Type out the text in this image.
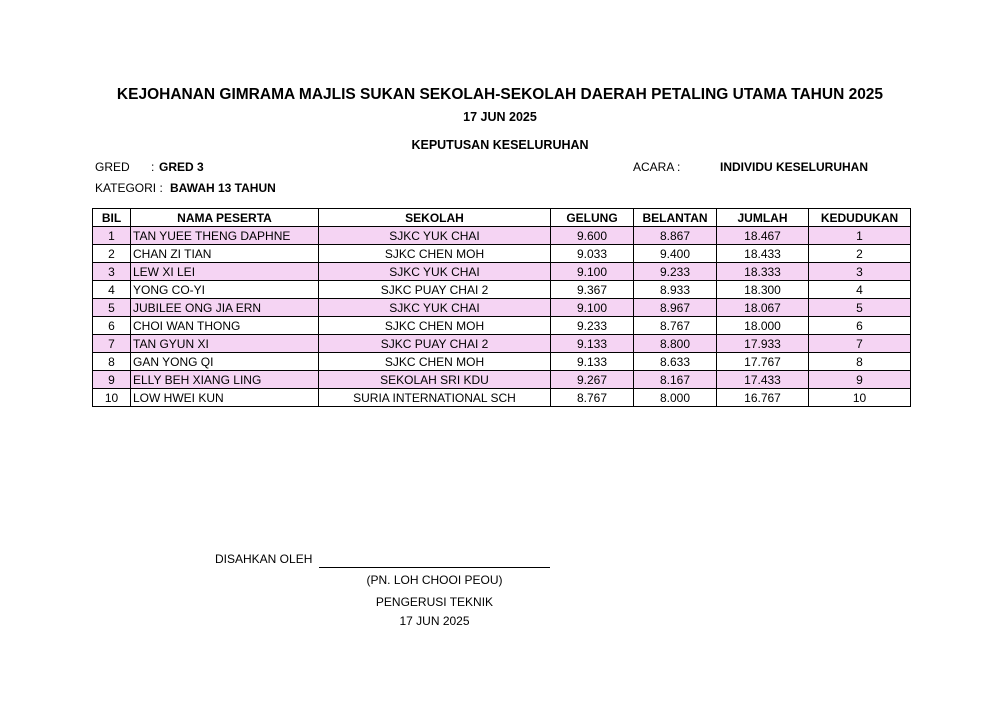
KEJOHANAN GIMRAMA MAJLIS SUKAN SEKOLAH-SEKOLAH DAERAH PETALING UTAMA TAHUN 2025
17 JUN 2025
KEPUTUSAN KESELURUHAN
GRED : GRED 3	ACARA :	INDIVIDU KESELURUHAN
KATEGORI : BAWAH 13 TAHUN
BIL	NAMA PESERTA	SEKOLAH	GELUNG	BELANTAN	JUMLAH	KEDUDUKAN
1	TAN YUEE THENG DAPHNE	SJKC YUK CHAI	9.600	8.867	18.467	1
2	CHAN ZI TIAN	SJKC CHEN MOH	9.033	9.400	18.433	2
3	LEW XI LEI	SJKC YUK CHAI	9.100	9.233	18.333	3
4	YONG CO-YI	SJKC PUAY CHAI 2	9.367	8.933	18.300	4
5	JUBILEE ONG JIA ERN	SJKC YUK CHAI	9.100	8.967	18.067	5
6	CHOI WAN THONG	SJKC CHEN MOH	9.233	8.767	18.000	6
7	TAN GYUN XI	SJKC PUAY CHAI 2	9.133	8.800	17.933	7
8	GAN YONG QI	SJKC CHEN MOH	9.133	8.633	17.767	8
9	ELLY BEH XIANG LING	SEKOLAH SRI KDU	9.267	8.167	17.433	9
10	LOW HWEI KUN	SURIA INTERNATIONAL SCH	8.767	8.000	16.767	10
DISAHKAN OLEH
(PN. LOH CHOOI PEOU)
PENGERUSI TEKNIK
17 JUN 2025
